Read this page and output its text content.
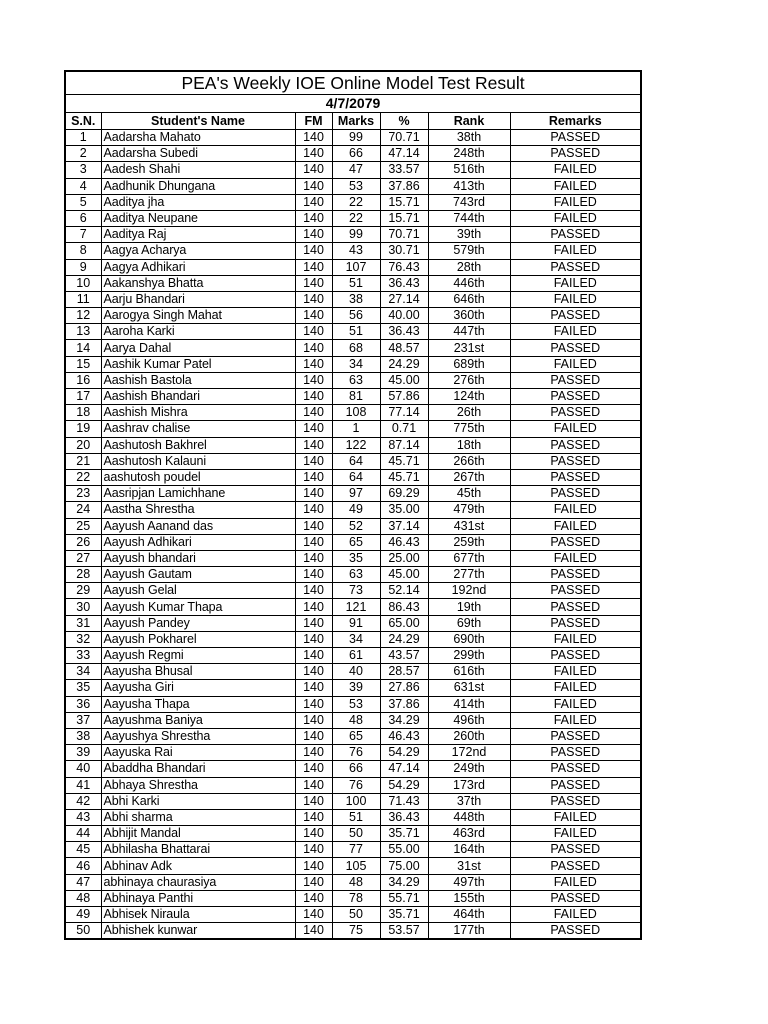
PEA's Weekly IOE Online Model Test Result						
4/7/2079						
S.N.	Student's Name	FM	Marks	%	Rank	Remarks
1	Aadarsha Mahato	140	99	70.71	38th	PASSED
2	Aadarsha Subedi	140	66	47.14	248th	PASSED
3	Aadesh Shahi	140	47	33.57	516th	FAILED
4	Aadhunik Dhungana	140	53	37.86	413th	FAILED
5	Aaditya jha	140	22	15.71	743rd	FAILED
6	Aaditya Neupane	140	22	15.71	744th	FAILED
7	Aaditya Raj	140	99	70.71	39th	PASSED
8	Aagya Acharya	140	43	30.71	579th	FAILED
9	Aagya Adhikari	140	107	76.43	28th	PASSED
10	Aakanshya Bhatta	140	51	36.43	446th	FAILED
11	Aarju Bhandari	140	38	27.14	646th	FAILED
12	Aarogya Singh Mahat	140	56	40.00	360th	PASSED
13	Aaroha Karki	140	51	36.43	447th	FAILED
14	Aarya Dahal	140	68	48.57	231st	PASSED
15	Aashik Kumar Patel	140	34	24.29	689th	FAILED
16	Aashish Bastola	140	63	45.00	276th	PASSED
17	Aashish Bhandari	140	81	57.86	124th	PASSED
18	Aashish Mishra	140	108	77.14	26th	PASSED
19	Aashrav chalise	140	1	0.71	775th	FAILED
20	Aashutosh Bakhrel	140	122	87.14	18th	PASSED
21	Aashutosh Kalauni	140	64	45.71	266th	PASSED
22	aashutosh poudel	140	64	45.71	267th	PASSED
23	Aasripjan Lamichhane	140	97	69.29	45th	PASSED
24	Aastha Shrestha	140	49	35.00	479th	FAILED
25	Aayush Aanand das	140	52	37.14	431st	FAILED
26	Aayush Adhikari	140	65	46.43	259th	PASSED
27	Aayush bhandari	140	35	25.00	677th	FAILED
28	Aayush Gautam	140	63	45.00	277th	PASSED
29	Aayush Gelal	140	73	52.14	192nd	PASSED
30	Aayush Kumar Thapa	140	121	86.43	19th	PASSED
31	Aayush Pandey	140	91	65.00	69th	PASSED
32	Aayush Pokharel	140	34	24.29	690th	FAILED
33	Aayush Regmi	140	61	43.57	299th	PASSED
34	Aayusha Bhusal	140	40	28.57	616th	FAILED
35	Aayusha Giri	140	39	27.86	631st	FAILED
36	Aayusha Thapa	140	53	37.86	414th	FAILED
37	Aayushma Baniya	140	48	34.29	496th	FAILED
38	Aayushya Shrestha	140	65	46.43	260th	PASSED
39	Aayuska Rai	140	76	54.29	172nd	PASSED
40	Abaddha Bhandari	140	66	47.14	249th	PASSED
41	Abhaya Shrestha	140	76	54.29	173rd	PASSED
42	Abhi Karki	140	100	71.43	37th	PASSED
43	Abhi sharma	140	51	36.43	448th	FAILED
44	Abhijit Mandal	140	50	35.71	463rd	FAILED
45	Abhilasha Bhattarai	140	77	55.00	164th	PASSED
46	Abhinav Adk	140	105	75.00	31st	PASSED
47	abhinaya chaurasiya	140	48	34.29	497th	FAILED
48	Abhinaya Panthi	140	78	55.71	155th	PASSED
49	Abhisek Niraula	140	50	35.71	464th	FAILED
50	Abhishek kunwar	140	75	53.57	177th	PASSED
